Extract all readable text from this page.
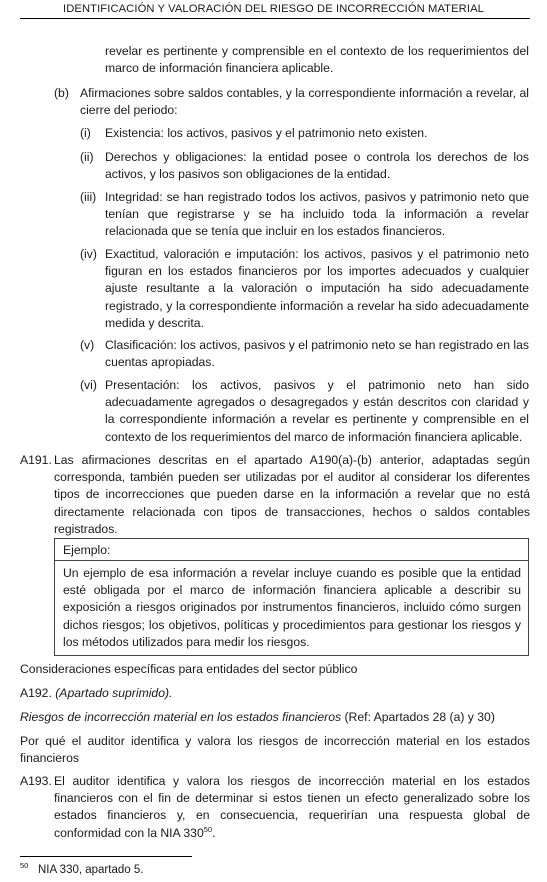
IDENTIFICACIÓN Y VALORACIÓN DEL RIESGO DE INCORRECCIÓN MATERIAL
revelar es pertinente y comprensible en el contexto de los requerimientos del marco de información financiera aplicable.
(b) Afirmaciones sobre saldos contables, y la correspondiente información a revelar, al cierre del periodo:
(i) Existencia: los activos, pasivos y el patrimonio neto existen.
(ii) Derechos y obligaciones: la entidad posee o controla los derechos de los activos, y los pasivos son obligaciones de la entidad.
(iii) Integridad: se han registrado todos los activos, pasivos y patrimonio neto que tenían que registrarse y se ha incluido toda la información a revelar relacionada que se tenía que incluir en los estados financieros.
(iv) Exactitud, valoración e imputación: los activos, pasivos y el patrimonio neto figuran en los estados financieros por los importes adecuados y cualquier ajuste resultante a la valoración o imputación ha sido adecuadamente registrado, y la correspondiente información a revelar ha sido adecuadamente medida y descrita.
(v) Clasificación: los activos, pasivos y el patrimonio neto se han registrado en las cuentas apropiadas.
(vi) Presentación: los activos, pasivos y el patrimonio neto han sido adecuadamente agregados o desagregados y están descritos con claridad y la correspondiente información a revelar es pertinente y comprensible en el contexto de los requerimientos del marco de información financiera aplicable.
A191. Las afirmaciones descritas en el apartado A190(a)-(b) anterior, adaptadas según corresponda, también pueden ser utilizadas por el auditor al considerar los diferentes tipos de incorrecciones que pueden darse en la información a revelar que no está directamente relacionada con tipos de transacciones, hechos o saldos contables registrados.
Ejemplo:
Un ejemplo de esa información a revelar incluye cuando es posible que la entidad esté obligada por el marco de información financiera aplicable a describir su exposición a riesgos originados por instrumentos financieros, incluido cómo surgen dichos riesgos; los objetivos, políticas y procedimientos para gestionar los riesgos y los métodos utilizados para medir los riesgos.
Consideraciones específicas para entidades del sector público
A192. (Apartado suprimido).
Riesgos de incorrección material en los estados financieros (Ref: Apartados 28 (a) y 30)
Por qué el auditor identifica y valora los riesgos de incorrección material en los estados financieros
A193. El auditor identifica y valora los riesgos de incorrección material en los estados financieros con el fin de determinar si estos tienen un efecto generalizado sobre los estados financieros y, en consecuencia, requerirían una respuesta global de conformidad con la NIA $330^{50}$.
$^{50}$ NIA 330, apartado 5.
